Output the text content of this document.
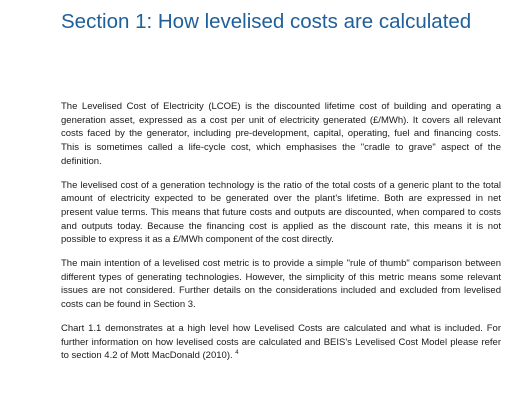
Section 1: How levelised costs are calculated

The Levelised Cost of Electricity (LCOE) is the discounted lifetime cost of building and operating a generation asset, expressed as a cost per unit of electricity generated (£/MWh). It covers all relevant costs faced by the generator, including pre-development, capital, operating, fuel and financing costs. This is sometimes called a life-cycle cost, which emphasises the "cradle to grave" aspect of the definition.

The levelised cost of a generation technology is the ratio of the total costs of a generic plant to the total amount of electricity expected to be generated over the plant's lifetime. Both are expressed in net present value terms. This means that future costs and outputs are discounted, when compared to costs and outputs today. Because the financing cost is applied as the discount rate, this means it is not possible to express it as a £/MWh component of the cost directly.

The main intention of a levelised cost metric is to provide a simple "rule of thumb" comparison between different types of generating technologies. However, the simplicity of this metric means some relevant issues are not considered. Further details on the considerations included and excluded from levelised costs can be found in Section 3.

Chart 1.1 demonstrates at a high level how Levelised Costs are calculated and what is included. For further information on how levelised costs are calculated and BEIS's Levelised Cost Model please refer to section 4.2 of Mott MacDonald (2010). $^4$
